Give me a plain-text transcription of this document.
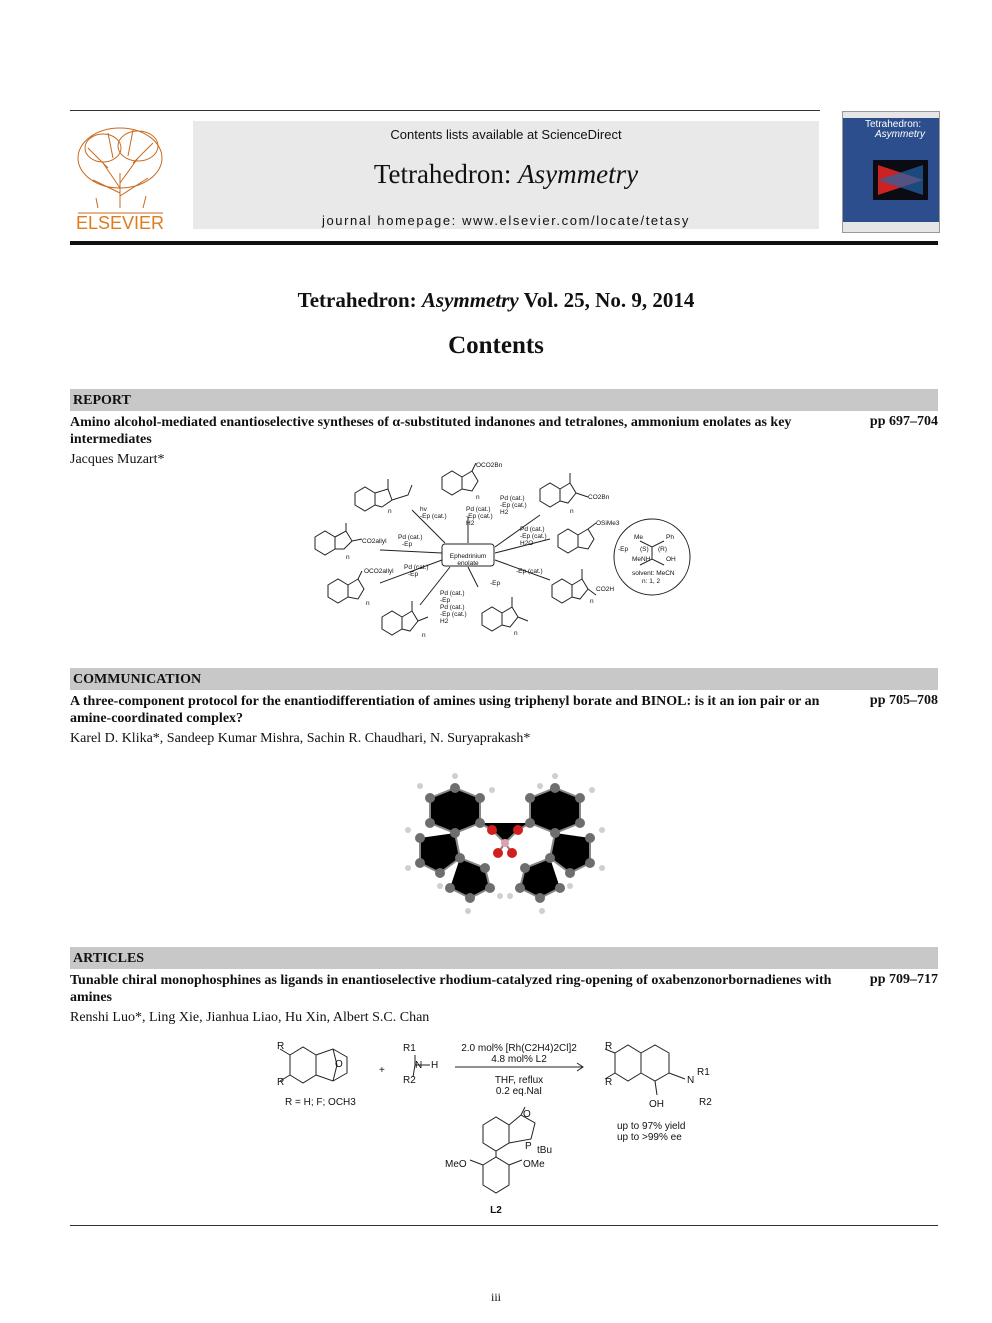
ELSEVIER
Contents lists available at ScienceDirect
Tetrahedron: Asymmetry
journal homepage: www.elsevier.com/locate/tetasy
Tetrahedron:
Asymmetry
Tetrahedron: Asymmetry Vol. 25, No. 9, 2014
Contents
REPORT
Amino alcohol-mediated enantioselective syntheses of α-substituted indanones and tetralones, ammonium enolates as key intermediates
pp 697–704
Jacques Muzart*
Ephedrinium
enolate
OCO2Bn
CO2Bn
OSiMe3
CO2allyl
OCO2allyl
CO2H
hv
-Ep (cat.)
Pd (cat.)
-Ep (cat.)
H2
Pd (cat.)
-Ep (cat.)
H2
Pd (cat.)
-Ep
Pd (cat.)
-Ep (cat.)
H2O
Pd (cat.)
-Ep	-Ep (cat.)
Pd (cat.)
-Ep
Pd (cat.)
-Ep (cat.)
H2
-Ep
n
n
n
n	n
n
n
n
Me	Ph
(S) (R)
MeNH OH
-Ep
solvent: MeCN
n: 1, 2
COMMUNICATION
A three-component protocol for the enantiodifferentiation of amines using triphenyl borate and BINOL: is it an ion pair or an amine-coordinated complex?
pp 705–708
Karel D. Klika*, Sandeep Kumar Mishra, Sachin R. Chaudhari, N. Suryaprakash*
ARTICLES
Tunable chiral monophosphines as ligands in enantioselective rhodium-catalyzed ring-opening of oxabenzonorbornadienes with amines
pp 709–717
Renshi Luo*, Ling Xie, Jianhua Liao, Hu Xin, Albert S.C. Chan
R
R
O
+
R1
N H
R2
R = H; F; OCH3
2.0 mol% [Rh(C2H4)2Cl]2
4.8 mol% L2
THF, reflux
0.2 eq.NaI
R
R	N
R1
OH	R2
up to 97% yield
up to >99% ee
O
P tBu
MeO	OMe
L2
iii
